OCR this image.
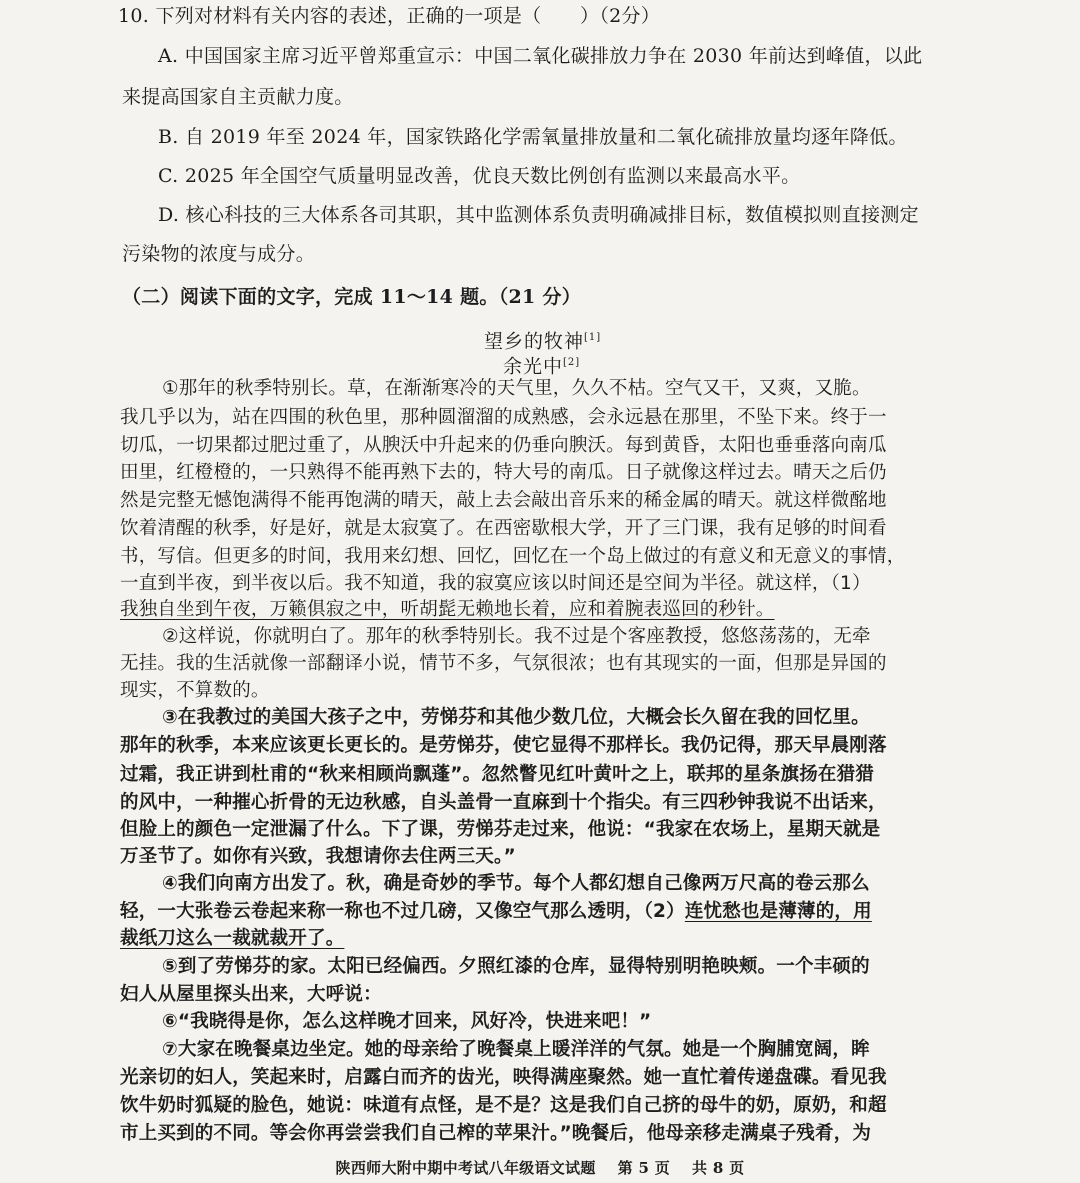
10. 下列对材料有关内容的表述，正确的一项是（　　）（2分）
A. 中国国家主席习近平曾郑重宣示：中国二氧化碳排放力争在 2030 年前达到峰值，以此
来提高国家自主贡献力度。
B. 自 2019 年至 2024 年，国家铁路化学需氧量排放量和二氧化硫排放量均逐年降低。
C. 2025 年全国空气质量明显改善，优良天数比例创有监测以来最高水平。
D. 核心科技的三大体系各司其职，其中监测体系负责明确减排目标，数值模拟则直接测定
污染物的浓度与成分。
（二）阅读下面的文字，完成 11～14 题。（21 分）
望乡的牧神[1]
余光中[2]
①那年的秋季特别长。草，在渐渐寒冷的天气里，久久不枯。空气又干，又爽，又脆。
我几乎以为，站在四围的秋色里，那种圆溜溜的成熟感，会永远悬在那里，不坠下来。终于一
切瓜，一切果都过肥过重了，从腴沃中升起来的仍垂向腴沃。每到黄昏，太阳也垂垂落向南瓜
田里，红橙橙的，一只熟得不能再熟下去的，特大号的南瓜。日子就像这样过去。晴天之后仍
然是完整无憾饱满得不能再饱满的晴天，敲上去会敲出音乐来的稀金属的晴天。就这样微酩地
饮着清醒的秋季，好是好，就是太寂寞了。在西密歇根大学，开了三门课，我有足够的时间看
书，写信。但更多的时间，我用来幻想、回忆，回忆在一个岛上做过的有意义和无意义的事情，
一直到半夜，到半夜以后。我不知道，我的寂寞应该以时间还是空间为半径。就这样，（1）
我独自坐到午夜，万籁俱寂之中，听胡髭无赖地长着，应和着腕表巡回的秒针。
②这样说，你就明白了。那年的秋季特别长。我不过是个客座教授，悠悠荡荡的，无牵
无挂。我的生活就像一部翻译小说，情节不多，气氛很浓；也有其现实的一面，但那是异国的
现实，不算数的。
③在我教过的美国大孩子之中，劳悌芬和其他少数几位，大概会长久留在我的回忆里。
那年的秋季，本来应该更长更长的。是劳悌芬，使它显得不那样长。我仍记得，那天早晨刚落
过霜，我正讲到杜甫的“秋来相顾尚飘蓬”。忽然瞥见红叶黄叶之上，联邦的星条旗扬在猎猎
的风中，一种摧心折骨的无边秋感，自头盖骨一直麻到十个指尖。有三四秒钟我说不出话来，
但脸上的颜色一定泄漏了什么。下了课，劳悌芬走过来，他说：“我家在农场上，星期天就是
万圣节了。如你有兴致，我想请你去住两三天。”
④我们向南方出发了。秋，确是奇妙的季节。每个人都幻想自己像两万尺高的卷云那么
轻，一大张卷云卷起来称一称也不过几磅，又像空气那么透明，（2）连忧愁也是薄薄的，用
裁纸刀这么一裁就裁开了。
⑤到了劳悌芬的家。太阳已经偏西。夕照红漆的仓库，显得特别明艳映颊。一个丰硕的
妇人从屋里探头出来，大呼说：
⑥“我晓得是你，怎么这样晚才回来，风好冷，快进来吧！”
⑦大家在晚餐桌边坐定。她的母亲给了晚餐桌上暖洋洋的气氛。她是一个胸脯宽阔，眸
光亲切的妇人，笑起来时，启露白而齐的齿光，映得满座聚然。她一直忙着传递盘碟。看见我
饮牛奶时狐疑的脸色，她说：味道有点怪，是不是？这是我们自己挤的母牛的奶，原奶，和超
市上买到的不同。等会你再尝尝我们自己榨的苹果汁。”晚餐后，他母亲移走满桌子残肴，为
陕西师大附中期中考试八年级语文试题 第 5 页 共 8 页
